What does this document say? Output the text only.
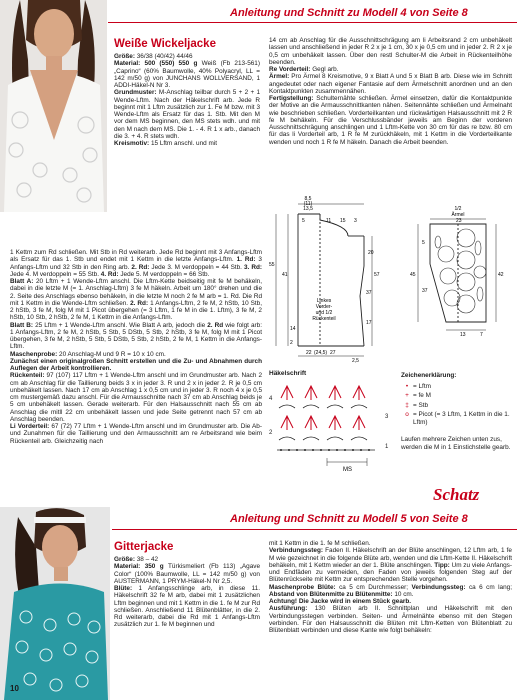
Anleitung und Schnitt zu Modell 4 von Seite 8
Weiße Wickeljacke

Größe: 36/38 (40/42) 44/46

Material: 500 (550) 550 g Weiß (Fb 213-561) „Caprino“ (60% Baumwolle, 40% Polyacryl, LL = 142 m/50 g) von JUNCHANS WOLLVERSAND, 1 ADDI-Häkel-N Nr 3.

Grundmuster: M-Anschlag teilbar durch 5 + 2 + 1 Wende-Lftm. Nach der Häkelschrift arb. Jede R beginnt mit 1 Lftm zusätzlich zur 1. Fe M bzw. mit 3 Wende-Lftm als Ersatz für das 1. Stb. Mit den M vor dem MS beginnen, den MS stets wdh. und mit den M nach dem MS. Die 1. - 4. R 1 x arb., danach die 3. + 4. R stets wdh.

Kreismotiv: 15 Lftm anschl. und mit

1 Kettm zum Rd schließen. Mit Stb in Rd weiterarb. Jede Rd beginnt mit 3 Anfangs-Lftm als Ersatz für das 1. Stb und endet mit 1 Kettm in die letzte Anfangs-Lftm. 1. Rd: 3 Anfangs-Lftm und 32 Stb in den Ring arb. 2. Rd: Jede 3. M verdoppeln = 44 Stb. 3. Rd: Jede 4. M verdoppeln = 55 Stb. 4. Rd: Jede 5. M verdoppeln = 66 Stb.

Blatt A: 20 Lftm + 1 Wende-Lftm anschl. Die Lftm-Kette beidseitig mit fe M behäkeln, dabei in die letzte M (= 1. Anschlag-Lftm) 3 fe M häkeln. Arbeit um 180° drehen und die 2. Seite des Anschlags ebenso behäkeln, in die letzte M noch 2 fe M arb = 1. Rd. Die Rd mit 1 Kettm in die Wende-Lftm schließen. 2. Rd: 1 Anfangs-Lftm, 2 fe M, 2 hStb, 10 Stb, 2 hStb, 3 fe M, folg M mit 1 Picot übergehen (= 3 Lftm, 1 fe M in die 1. Lftm), 3 fe M, 2 hStb, 10 Stb, 2 hStb, 2 fe M, 1 Kettm in die Anfangs-Lftm.

Blatt B: 25 Lftm + 1 Wende-Lftm anschl. Wie Blatt A arb, jedoch die 2. Rd wie folgt arb: 1 Anfangs-Lftm, 2 fe M, 2 hStb, 5 Stb, 5 DStb, 5 Stb, 2 hStb, 3 fe M, folg M mit 1 Picot übergehen, 3 fe M, 2 hStb, 5 Stb, 5 DStb, 5 Stb, 2 hStb, 2 fe M, 1 Kettm in die Anfangs-Lftm.

Maschenprobe: 20 Anschlag-M und 9 R = 10 x 10 cm.

Zunächst einen originalgroßen Schnitt erstellen und die Zu- und Abnahmen durch Auflegen der Arbeit kontrollieren.

Rückenteil: 97 (107) 117 Lftm + 1 Wende-Lftm anschl und im Grundmuster arb. Nach 2 cm ab Anschlag für die Taillierung beids 3 x in jeder 3. R und 2 x in jeder 2. R je 0,5 cm unbehäkelt lassen. Nach 17 cm ab Anschlag 1 x 0,5 cm und in jeder 3. R noch 4 x je 0,5 cm mustergemäß dazu anschl. Für die Armausschnitte nach 37 cm ab Anschlag beids je 5 cm unbehäkelt lassen. Gerade weiterarb. Für den Halsausschnitt nach 55 cm ab Anschlag die mitll 22 cm unbehäkelt lassen und jede Seite getrennt nach 57 cm ab Anschlag beenden.

Li Vorderteil: 67 (72) 77 Lftm + 1 Wende-Lftm anschl und im Grundmuster arb. Die Ab- und Zunahmen für die Taillierung und den Armausschnitt am re Arbeitsrand wie beim Rückenteil arb. Gleichzeitig nach

14 cm ab Anschlag für die Ausschnittschrägung am li Arbeitsrand 2 cm unbehäkelt lassen und anschließend in jeder R 2 x je 1 cm, 30 x je 0,5 cm und in jeder 2. R 2 x je 0,5 cm unbehäkelt lassen. Über den restl Schulter-M die Arbeit in Rückenteilhöhe beenden.

Re Vorderteil: Gegl arb.

Ärmel: Pro Ärmel 8 Kreismotive, 9 x Blatt A und 5 x Blatt B arb. Diese wie im Schnitt angedeutet oder nach eigener Fantasie auf dem Ärmelschnitt anordnen und an den Kontaktpunkten zusammennähen.

Fertigstellung: Schulternähte schließen. Ärmel einsetzen, dafür die Kontaktpunkte der Motive an die Armausschnittkanten nähen. Seitennähte schließen und Ärmelnaht wie beschrieben schließen. Vorderteilkanten und rückwärtigen Halsausschnitt mit 2 R fe M behäkeln. Für die Verschlussbänder jeweils am Beginn der vorderen Ausschnittschrägung anschlingen und 1 Lftm-Kette von 30 cm für das re bzw. 80 cm für das li Vorderteil arb, 1 R fe M zurückhäkeln, mit 1 Kettm in die Vorderteilkante wenden und noch 1 R fe M häkeln. Danach die Arbeit beenden.

8,5
(11)
13,5
5	11 15 3
20
41
55
57
37
17
14
2
Linkes
Vorder-
und 1/2
Rückenteil
22 (24,5) 27
2,5
1/2
Ärmel
23
5
42
45
37
13	7
Häkelschrift
4
3
2
1
MS
Zeichenerklärung:
• = Lftm
+ = fe M
‡ = Stb
o = Picot (= 3 Lftm, 1 Kettm in die 1. Lftm)
Laufen mehrere Zeichen unten zus, werden die M in 1 Einstichstelle gearb.
Schatz
Anleitung und Schnitt zu Modell 5 von Seite 8
Gitterjacke

Größe: 38 – 42

Material: 350 g Türkismeliert (Fb 113) „Agave Color“ (100% Baumwolle, LL = 142 m/50 g) von AUSTERMANN, 1 PRYM-Häkel-N Nr 2,5.

Blüte: 1 Anfangsschlinge arb, in diese 11. Häkelschrift 32 fe M arb, dabei mit 1 zusätzlichen Lftm beginnen und mit 1 Kettm in die 1. fe M zur Rd schließen. Anschließend 11 Blütenblätter, in die 2. Rd weiterarb, dabei die Rd mit 1 Anfangs-Lftm zusätzlich zur 1. fe M beginnen und

mit 1 Kettm in die 1. fe M schließen.

Verbindungssteg: Faden II. Häkelschrift an der Blüte anschlingen, 12 Lftm arb, 1 fe M wie gezeichnet in die folgende Blüte arb, wenden und die Lftm-Kette II. Häkelschrift behäkeln, mit 1 Kettm wieder an der 1. Blüte anschlingen. Tipp: Um zu viele Anfangs- und Endfäden zu vermeiden, den Faden von jeweils folgenden Steg auf der Blütenrückseite mit Kettm zur entsprechenden Stelle vorgehen.

Maschenprobe Blüte: ca 5 cm Durchmesser; Verbindungssteg: ca 6 cm lang; Abstand von Blütenmitte zu Blütenmitte: 10 cm.

Achtung! Die Jacke wird in einem Stück gearb.

Ausführung: 130 Blüten arb II. Schnittplan und Häkelschrift mit den Verbindungsstegen verbinden. Seiten- und Ärmelnähte ebenso mit den Stegen verbinden. Für den Halsausschnitt die Blüten mit Lftm-Ketten von Blütenblatt zu Blütenblatt verbinden und diese Kante wie folgt behäkeln:

10
